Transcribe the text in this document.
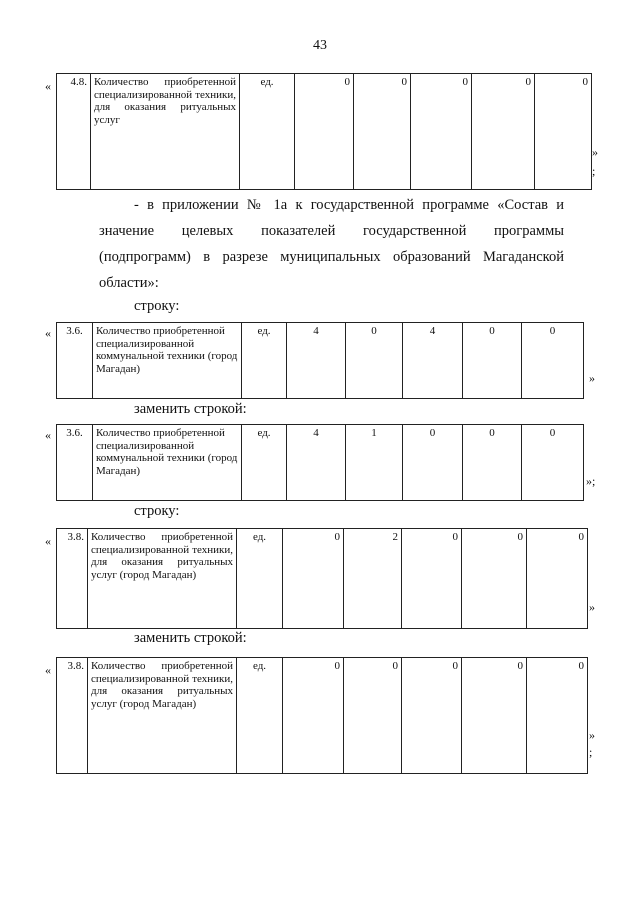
43
« 4.8.	Количество приобретенной специализированной техники, для оказания ритуальных услуг	ед.	0	0	0	0	0
»
;
- в приложении № 1а к государственной программе «Состав и
значение целевых показателей государственной программы
(подпрограмм) в разрезе муниципальных образований Магаданской
области»:
строку:
« 3.6.	Количество приобретенной специализированной коммунальной техники (город Магадан)	ед.	4	0	4	0	0
»
заменить строкой:
« 3.6.	Количество приобретенной специализированной коммунальной техники (город Магадан)	ед.	4	1	0	0	0
»;
строку:
« 3.8.	Количество приобретенной специализированной техники, для оказания ритуальных услуг (город Магадан)	ед.	0	2	0	0	0
»
заменить строкой:
« 3.8.	Количество приобретенной специализированной техники, для оказания ритуальных услуг (город Магадан)	ед.	0	0	0	0	0
»
;
